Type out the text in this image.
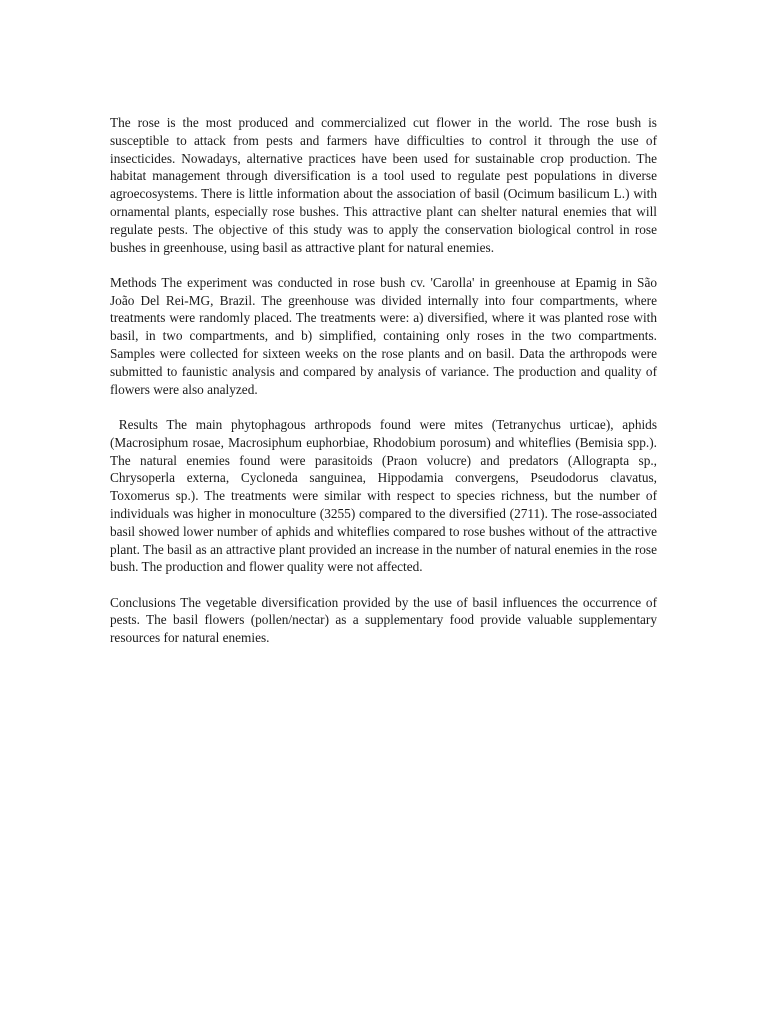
The rose is the most produced and commercialized cut flower in the world. The rose bush is susceptible to attack from pests and farmers have difficulties to control it through the use of insecticides. Nowadays, alternative practices have been used for sustainable crop production. The habitat management through diversification is a tool used to regulate pest populations in diverse agroecosystems. There is little information about the association of basil (Ocimum basilicum L.) with ornamental plants, especially rose bushes. This attractive plant can shelter natural enemies that will regulate pests. The objective of this study was to apply the conservation biological control in rose bushes in greenhouse, using basil as attractive plant for natural enemies.

Methods The experiment was conducted in rose bush cv. 'Carolla' in greenhouse at Epamig in São João Del Rei-MG, Brazil. The greenhouse was divided internally into four compartments, where treatments were randomly placed. The treatments were: a) diversified, where it was planted rose with basil, in two compartments, and b) simplified, containing only roses in the two compartments. Samples were collected for sixteen weeks on the rose plants and on basil. Data the arthropods were submitted to faunistic analysis and compared by analysis of variance. The production and quality of flowers were also analyzed.

Results The main phytophagous arthropods found were mites (Tetranychus urticae), aphids (Macrosiphum rosae, Macrosiphum euphorbiae, Rhodobium porosum) and whiteflies (Bemisia spp.). The natural enemies found were parasitoids (Praon volucre) and predators (Allograpta sp., Chrysoperla externa, Cycloneda sanguinea, Hippodamia convergens, Pseudodorus clavatus, Toxomerus sp.). The treatments were similar with respect to species richness, but the number of individuals was higher in monoculture (3255) compared to the diversified (2711). The rose-associated basil showed lower number of aphids and whiteflies compared to rose bushes without of the attractive plant. The basil as an attractive plant provided an increase in the number of natural enemies in the rose bush. The production and flower quality were not affected.

Conclusions The vegetable diversification provided by the use of basil influences the occurrence of pests. The basil flowers (pollen/nectar) as a supplementary food provide valuable supplementary resources for natural enemies.
